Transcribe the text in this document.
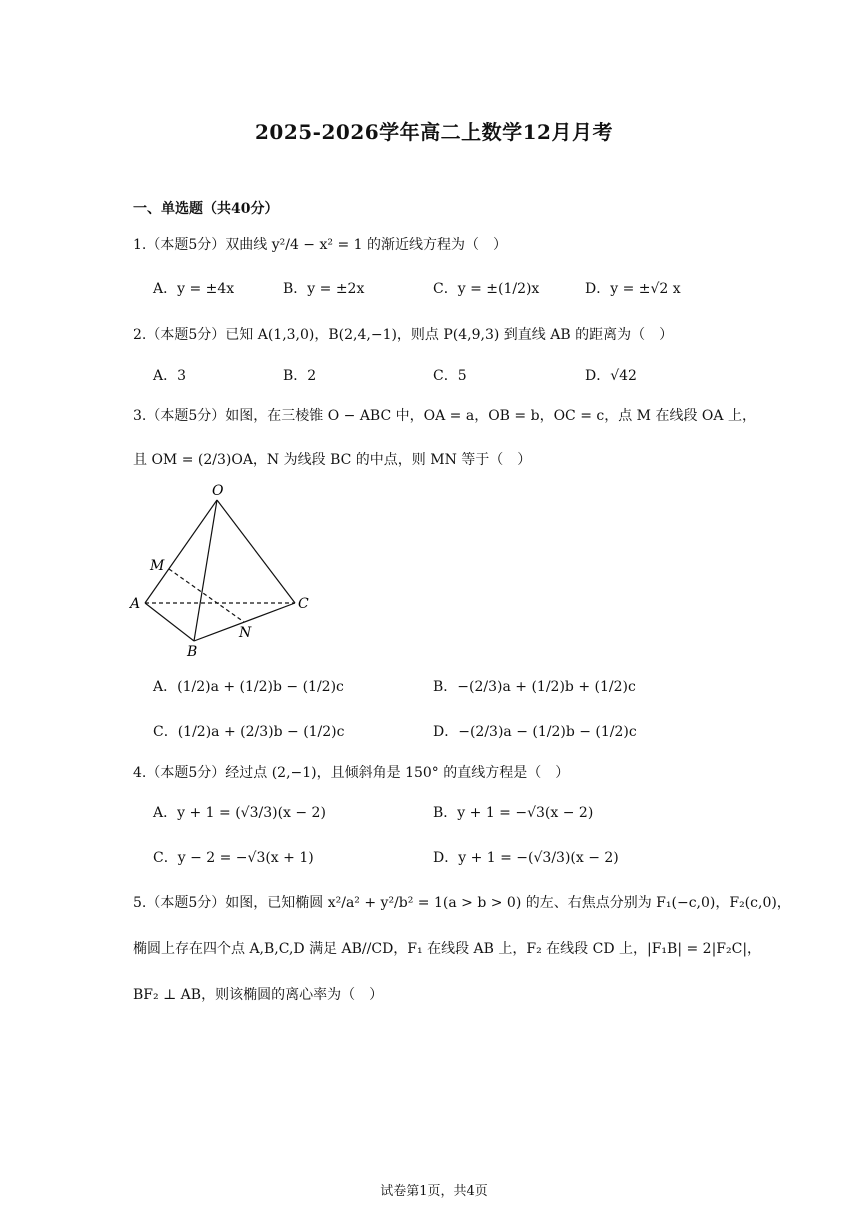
2025-2026学年高二上数学12月月考
一、单选题（共40分）
1.（本题5分）双曲线 y²/4 − x² = 1 的渐近线方程为（　）
A．y = ±4x	B．y = ±2x	C．y = ±(1/2)x	D．y = ±√2 x
2.（本题5分）已知 A(1,3,0)，B(2,4,−1)，则点 P(4,9,3) 到直线 AB 的距离为（　）
A．3	B．2	C．5	D．√42
3.（本题5分）如图，在三棱锥 O − ABC 中，OA = a，OB = b，OC = c，点 M 在线段 OA 上，
且 OM = (2/3)OA，N 为线段 BC 的中点，则 MN 等于（　）
O
M
A
B
C
N
A．(1/2)a + (1/2)b − (1/2)c	B．−(2/3)a + (1/2)b + (1/2)c
C．(1/2)a + (2/3)b − (1/2)c	D．−(2/3)a − (1/2)b − (1/2)c
4.（本题5分）经过点 (2,−1)，且倾斜角是 150° 的直线方程是（　）
A．y + 1 = (√3/3)(x − 2)	B．y + 1 = −√3(x − 2)
C．y − 2 = −√3(x + 1)	D．y + 1 = −(√3/3)(x − 2)
5.（本题5分）如图，已知椭圆 x²/a² + y²/b² = 1(a > b > 0) 的左、右焦点分别为 F₁(−c,0)，F₂(c,0)，
椭圆上存在四个点 A,B,C,D 满足 AB//CD，F₁ 在线段 AB 上，F₂ 在线段 CD 上，|F₁B| = 2|F₂C|，
BF₂ ⊥ AB，则该椭圆的离心率为（　）
试卷第1页，共4页
